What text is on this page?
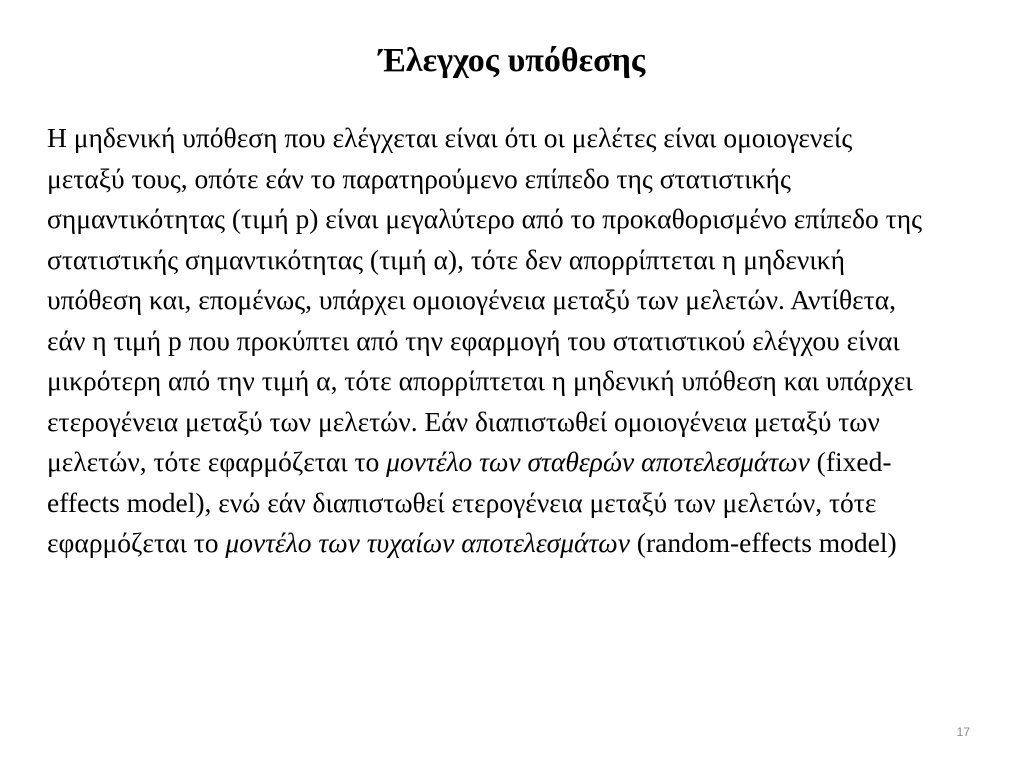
Έλεγχος υπόθεσης

Η μηδενική υπόθεση που ελέγχεται είναι ότι οι μελέτες είναι ομοιογενείς μεταξύ τους, οπότε εάν το παρατηρούμενο επίπεδο της στατιστικής σημαντικότητας (τιμή p) είναι μεγαλύτερο από το προκαθορισμένο επίπεδο της στατιστικής σημαντικότητας (τιμή α), τότε δεν απορρίπτεται η μηδενική υπόθεση και, επομένως, υπάρχει ομοιογένεια μεταξύ των μελετών. Αντίθετα, εάν η τιμή p που προκύπτει από την εφαρμογή του στατιστικού ελέγχου είναι μικρότερη από την τιμή α, τότε απορρίπτεται η μηδενική υπόθεση και υπάρχει ετερογένεια μεταξύ των μελετών. Εάν διαπιστωθεί ομοιογένεια μεταξύ των μελετών, τότε εφαρμόζεται το μοντέλο των σταθερών αποτελεσμάτων (fixed-effects model), ενώ εάν διαπιστωθεί ετερογένεια μεταξύ των μελετών, τότε εφαρμόζεται το μοντέλο των τυχαίων αποτελεσμάτων (random-effects model)

17
